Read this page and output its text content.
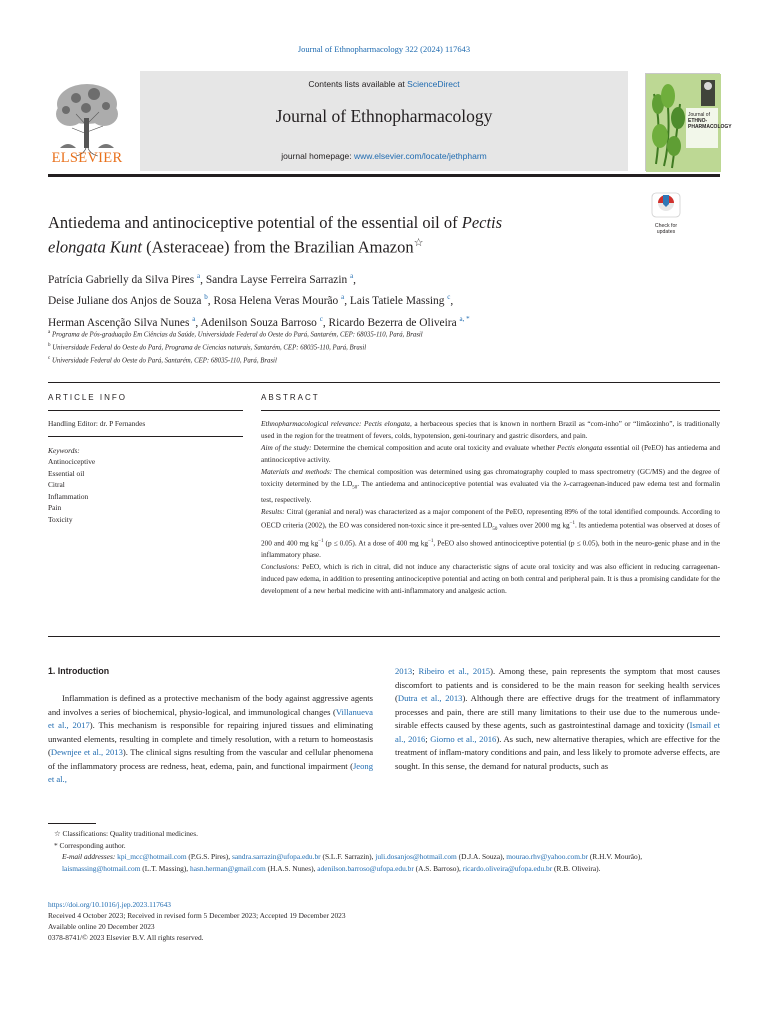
Journal of Ethnopharmacology 322 (2024) 117643
ELSEVIER
Contents lists available at ScienceDirect
Journal of Ethnopharmacology
journal homepage: www.elsevier.com/locate/jethpharm
Journal of
ETHNO-
PHARMACOLOGY
Check for
updates
Antiedema and antinociceptive potential of the essential oil of Pectis
elongata Kunt (Asteraceae) from the Brazilian Amazon☆
Patrícia Gabrielly da Silva Pires $^a$, Sandra Layse Ferreira Sarrazin $^a$,
Deise Juliane dos Anjos de Souza $^b$, Rosa Helena Veras Mourão $^a$, Lais Tatiele Massing $^c$,
Herman Ascenção Silva Nunes $^a$, Adenilson Souza Barroso $^c$, Ricardo Bezerra de Oliveira $^{a, *}$
$^a$ Programa de Pós-graduação Em Ciências da Saúde, Universidade Federal do Oeste do Pará, Santarém, CEP: 68035-110, Pará, Brasil
$^b$ Universidade Federal do Oeste do Pará, Programa de Ciencias naturais, Santarém, CEP: 68035-110, Pará, Brasil
$^c$ Universidade Federal do Oeste do Pará, Santarém, CEP: 68035-110, Pará, Brasil
ARTICLE INFO	ABSTRACT
Handling Editor: dr. P Fernandes
Keywords:
Antinociceptive
Essential oil
Citral
Inflammation
Pain
Toxicity

Ethnopharmacological relevance: Pectis elongata, a herbaceous species that is known in northern Brazil as “com-inho” or “limãozinho”, is traditionally used in the region for the treatment of fevers, colds, hypotension, geni-tourinary and gastric disorders, and pain.

Aim of the study: Determine the chemical composition and acute oral toxicity and evaluate whether Pectis elongata essential oil (PeEO) has antiedema and antinociceptive activity.

Materials and methods: The chemical composition was determined using gas chromatography coupled to mass spectrometry (GC/MS) and the degree of toxicity determined by the $LD_{50}$. The antiedema and antinociceptive potential was evaluated via the λ-carrageenan-induced paw edema test and formalin test, respectively.

Results: Citral (geranial and neral) was characterized as a major component of the PeEO, representing 89% of the total identified compounds. According to OECD criteria (2002), the EO was considered non-toxic since it pre-sented $LD_{50}$ values over 2000 mg $kg^{-1}$. Its antiedema potential was observed at doses of 200 and 400 mg $kg^{-1}$ (p ≤ 0.05). At a dose of 400 mg $kg^{-1}$, PeEO also showed antinociceptive potential (p ≤ 0.05), both in the neuro-genic phase and in the inflammatory phase.

Conclusions: PeEO, which is rich in citral, did not induce any characteristic signs of acute oral toxicity and was also efficient in reducing carrageenan-induced paw edema, in addition to presenting antinociceptive potential and acting on both central and peripheral pain. It is thus a promising candidate for the development of a new herbal medicine with anti-inflammatory and analgesic action.

1. Introduction

Inflammation is defined as a protective mechanism of the body against aggressive agents and involves a series of biochemical, physio-logical, and immunological changes (Villanueva et al., 2017). This mechanism is responsible for repairing injured tissues and eliminating unwanted elements, resulting in complete and timely resolution, with a return to homeostasis (Dewnjee et al., 2013). The clinical signs resulting from the vascular and cellular phenomena of the inflammatory process are redness, heat, edema, pain, and functional impairment (Jeong et al.,

2013; Ribeiro et al., 2015). Among these, pain represents the symptom that most causes discomfort to patients and is considered to be the main reason for seeking health services (Dutra et al., 2013). Although there are effective drugs for the treatment of inflammatory processes and pain, there are still many limitations to their use due to the numerous unde-sirable effects caused by these agents, such as gastrointestinal damage and toxicity (Ismail et al., 2016; Giorno et al., 2016). As such, new alternative therapies, which are effective for the treatment of inflam-matory conditions and pain, and less likely to promote adverse effects, are sought. In this sense, the demand for natural products, such as

☆ Classifications: Quality traditional medicines.
* Corresponding author.
E-mail addresses: kpi_mcc@hotmail.com (P.G.S. Pires), sandra.sarrazin@ufopa.edu.br (S.L.F. Sarrazin), juli.dosanjos@hotmail.com (D.J.A. Souza), mourao.rhv@yahoo.com.br (R.H.V. Mourão), laismassing@hotmail.com (L.T. Massing), hasn.herman@gmail.com (H.A.S. Nunes), adenilson.barroso@ufopa.edu.br (A.S. Barroso), ricardo.oliveira@ufopa.edu.br (R.B. Oliveira).
https://doi.org/10.1016/j.jep.2023.117643
Received 4 October 2023; Received in revised form 5 December 2023; Accepted 19 December 2023
Available online 20 December 2023
0378-8741/© 2023 Elsevier B.V. All rights reserved.
